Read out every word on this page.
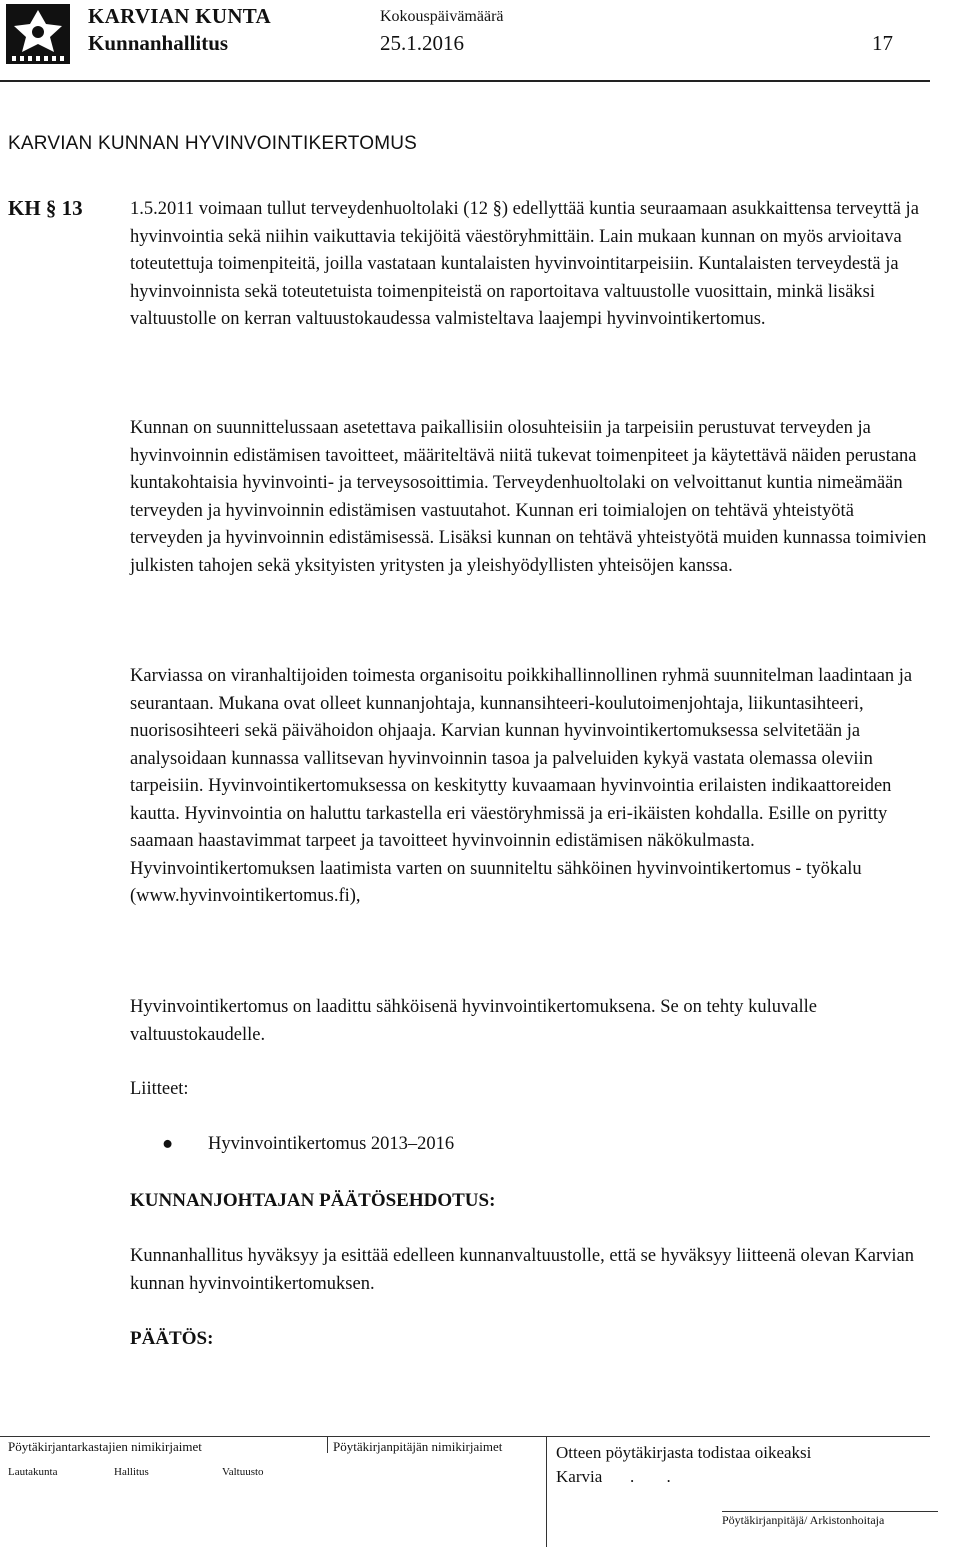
KARVIAN KUNTA
Kunnanhallitus
Kokouspäivämäärä
25.1.2016	17
KARVIAN KUNNAN HYVINVOINTIKERTOMUS
KH § 13	1.5.2011 voimaan tullut terveydenhuoltolaki (12 §) edellyttää kuntia seuraamaan asukkaittensa terveyttä ja hyvinvointia sekä niihin vaikuttavia tekijöitä väestöryhmittäin. Lain mukaan kunnan on myös arvioitava toteutettuja toimenpiteitä, joilla vastataan kuntalaisten hyvinvointitarpeisiin. Kuntalaisten terveydestä ja hyvinvoinnista sekä toteutetuista toimenpiteistä on raportoitava valtuustolle vuosittain, minkä lisäksi valtuustolle on kerran valtuustokaudessa valmisteltava laajempi hyvinvointikertomus.

Kunnan on suunnittelussaan asetettava paikallisiin olosuhteisiin ja tarpeisiin perustuvat terveyden ja hyvinvoinnin edistämisen tavoitteet, määriteltävä niitä tukevat toimenpiteet ja käytettävä näiden perustana kuntakohtaisia hyvinvointi- ja terveysosoittimia. Terveydenhuoltolaki on velvoittanut kuntia nimeämään terveyden ja hyvinvoinnin edistämisen vastuutahot. Kunnan eri toimialojen on tehtävä yhteistyötä terveyden ja hyvinvoinnin edistämisessä. Lisäksi kunnan on tehtävä yhteistyötä muiden kunnassa toimivien julkisten tahojen sekä yksityisten yritysten ja yleishyödyllisten yhteisöjen kanssa.

Karviassa on viranhaltijoiden toimesta organisoitu poikkihallinnollinen ryhmä suunnitelman laadintaan ja seurantaan. Mukana ovat olleet kunnanjohtaja, kunnansihteeri-koulutoimenjohtaja, liikuntasihteeri, nuorisosihteeri sekä päivähoidon ohjaaja. Karvian kunnan hyvinvointikertomuksessa selvitetään ja analysoidaan kunnassa vallitsevan hyvinvoinnin tasoa ja palveluiden kykyä vastata olemassa oleviin tarpeisiin. Hyvinvointikertomuksessa on keskitytty kuvaamaan hyvinvointia erilaisten indikaattoreiden kautta. Hyvinvointia on haluttu tarkastella eri väestöryhmissä ja eri-ikäisten kohdalla. Esille on pyritty saamaan haastavimmat tarpeet ja tavoitteet hyvinvoinnin edistämisen näkökulmasta. Hyvinvointikertomuksen laatimista varten on suunniteltu sähköinen hyvinvointikertomus - työkalu (www.hyvinvointikertomus.fi),

Hyvinvointikertomus on laadittu sähköisenä hyvinvointikertomuksena. Se on tehty kuluvalle valtuustokaudelle.

Liitteet:
● Hyvinvointikertomus 2013–2016
KUNNANJOHTAJAN PÄÄTÖSEHDOTUS:

Kunnanhallitus hyväksyy ja esittää edelleen kunnanvaltuustolle, että se hyväksyy liitteenä olevan Karvian kunnan hyvinvointikertomuksen.

PÄÄTÖS:
Pöytäkirjantarkastajien nimikirjaimet	Pöytäkirjanpitäjän nimikirjaimet
Lautakunta	Hallitus	Valtuusto
Otteen pöytäkirjasta todistaa oikeaksi
Karvia . .
Pöytäkirjanpitäjä/ Arkistonhoitaja
